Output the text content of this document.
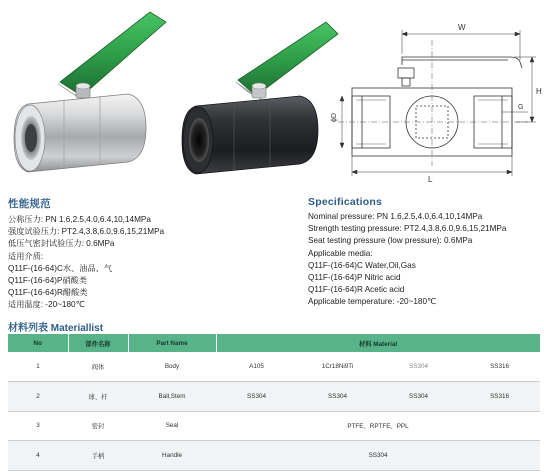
W
H
ϕD
G
L
性能规范
公称压力: PN 1.6,2.5,4.0,6.4,10,14MPa
强度试验压力: PT2.4,3.8,6.0,9.6,15,21MPa
低压气密封试验压力: 0.6MPa
适用介质:
Q11F-(16-64)C水、油品、气
Q11F-(16-64)P硝酸类
Q11F-(16-64)R醋酸类
适用温度: -20~180℃
Specifications
Nominal pressure: PN 1.6,2.5,4.0,6.4,10,14MPa
Strength testing pressure: PT2.4,3.8,6.0,9.6,15,21MPa
Seat testing pressure (low pressure): 0.6MPa
Applicable media:
Q11F-(16-64)C Water,Oil,Gas
Q11F-(16-64)P Nitric acid
Q11F-(16-64)R Acetic acid
Applicable temperature: -20~180℃
材料列表 Materiallist
No	部件名称	Part Name	材料 Material			
1	阀体	Body	A105	1Cr18Ni9Ti	SS304	SS316
2	球、杆	Ball,Stem	SS304	SS304	SS304	SS316
3	密封	Seal	PTFE、RPTFE、PPL			
4	手柄	Handle	SS304			
